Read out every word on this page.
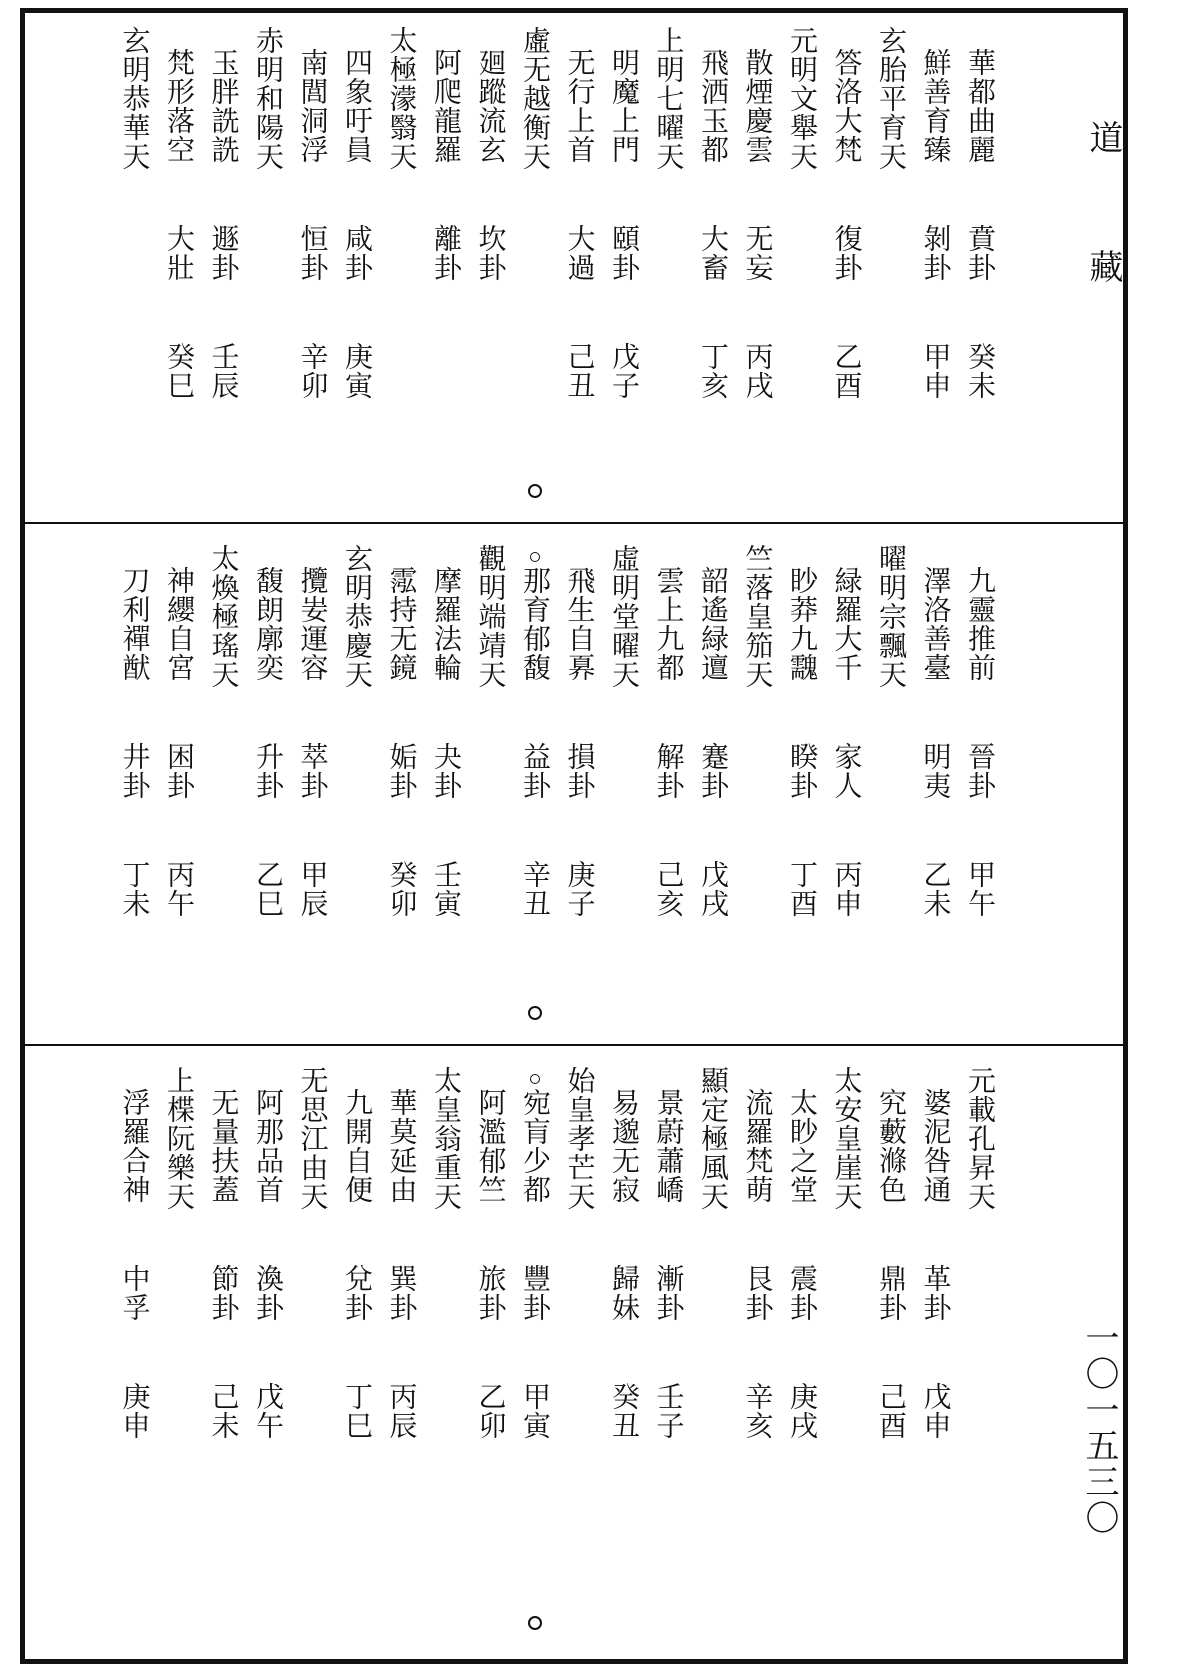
華都曲麗
賁卦
癸未
鮮善育臻
剝卦
甲申
玄胎平育天
答洛大梵
復卦
乙酉
元明文舉天
散煙慶雲
无妄
丙戌
飛洒玉都
大畜
丁亥
上明七曜天
明魔上門
頤卦
戊子
无行上首
大過
己丑
虛无越衡天
廻蹤流玄
坎卦
阿爬龍羅
離卦
太極濛翳天
四象吁員
咸卦
庚寅
南閭洞浮
恒卦
辛卯
赤明和陽天
玉胖詵詵
遯卦
壬辰
梵形落空
大壯
癸巳
玄明恭華天
九靈推前
晉卦
甲午
澤洛善臺
明夷
乙未
曜明宗飄天
緑羅大千
家人
丙申
眇莽九䰰
睽卦
丁酉
竺落皇笳天
韶遙緑邅
蹇卦
戊戌
雲上九都
解卦
己亥
虛明堂曜天
飛生自奡
損卦
庚子
那育郁馥
益卦
辛丑
觀明端靖天
摩羅法輪
夬卦
壬寅
霐持无鏡
姤卦
癸卯
玄明恭慶天
攬妛運容
萃卦
甲辰
馥朗廓奕
升卦
乙巳
太煥極瑤天
神纓自宮
困卦
丙午
刀利禪猷
井卦
丁未
元載孔昇天
婆泥咎通
革卦
戊申
究藪滌色
鼎卦
己酉
太安皇崖天
太眇之堂
震卦
庚戌
流羅梵萌
艮卦
辛亥
顯定極風天
景蔚蕭嶠
漸卦
壬子
易邈无寂
歸妹
癸丑
始皇孝芒天
宛肓少都
豐卦
甲寅
阿濫郁竺
旅卦
乙卯
太皇翁重天
華莫延由
巽卦
丙辰
九開自便
兌卦
丁巳
无思江由天
阿那品首
渙卦
戊午
无量扶蓋
節卦
己未
上楪阮樂天
浮羅合神
中孚
庚申
道藏
一〇一五三〇
